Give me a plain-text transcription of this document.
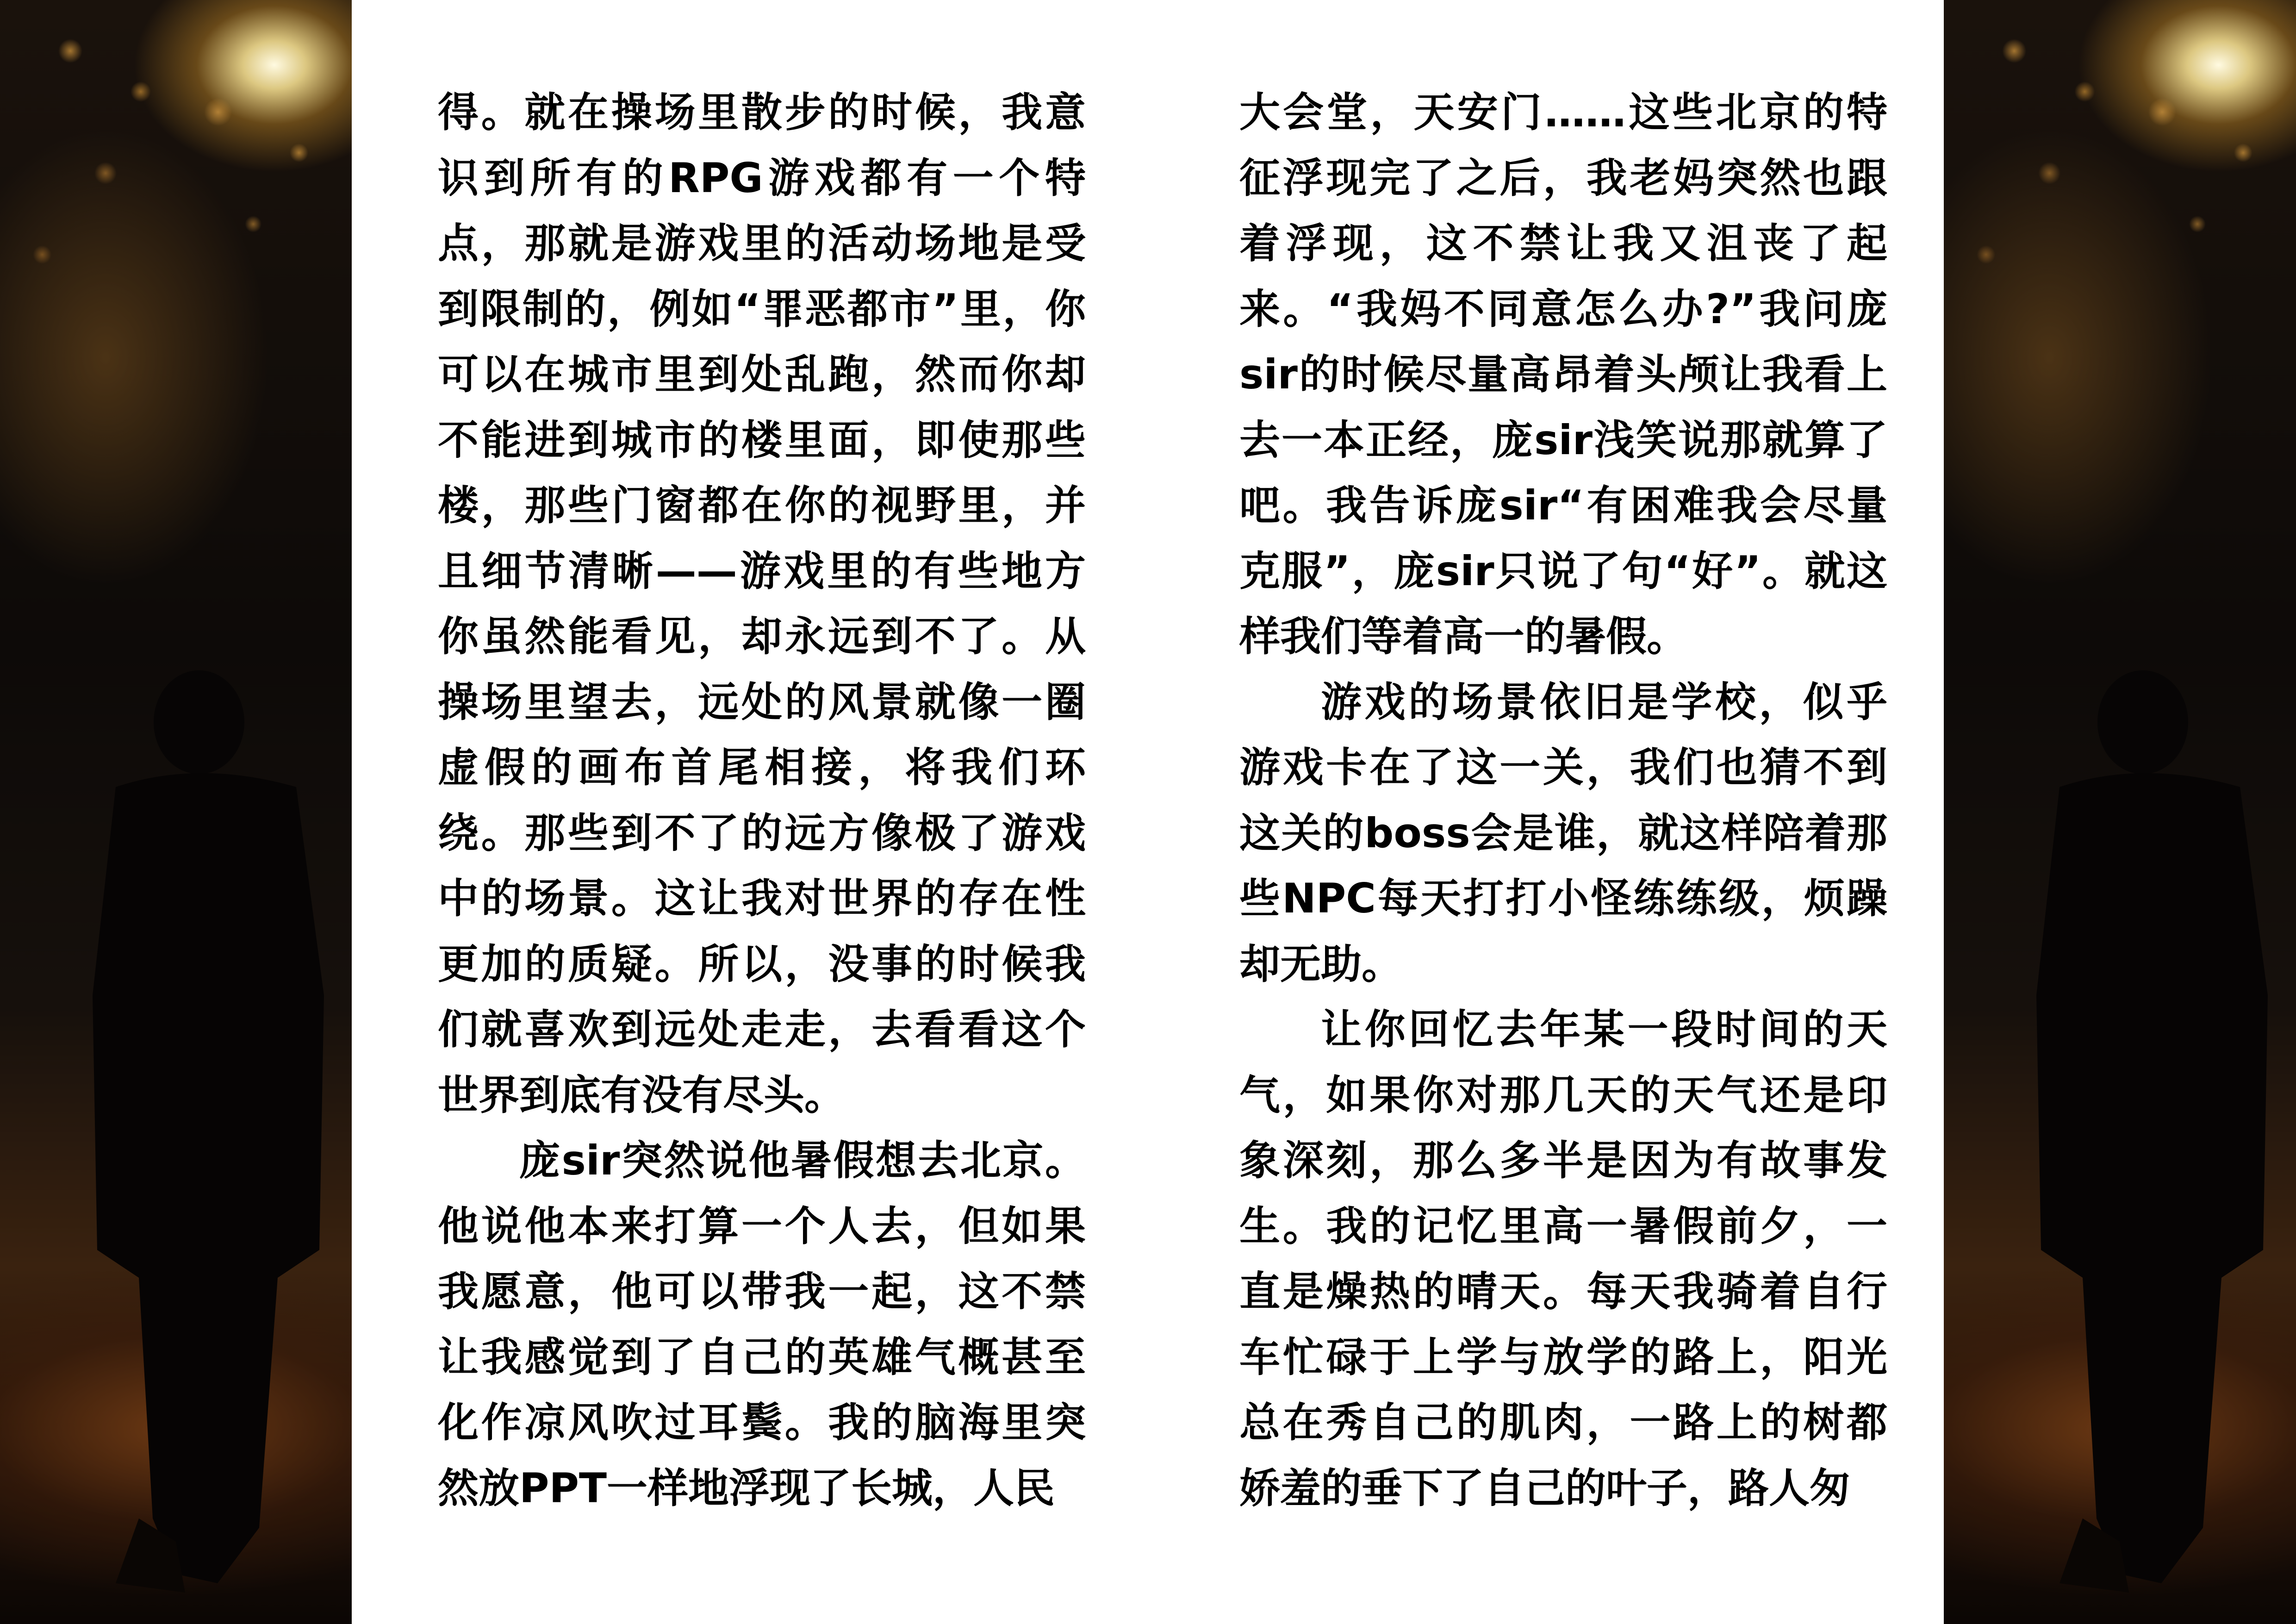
得。就在操场里散步的时候，我意识到所有的RPG游戏都有一个特点，那就是游戏里的活动场地是受到限制的，例如“罪恶都市”里，你可以在城市里到处乱跑，然而你却不能进到城市的楼里面，即使那些楼，那些门窗都在你的视野里，并且细节清晰——游戏里的有些地方你虽然能看见，却永远到不了。从操场里望去，远处的风景就像一圈虚假的画布首尾相接，将我们环绕。那些到不了的远方像极了游戏中的场景。这让我对世界的存在性更加的质疑。所以，没事的时候我们就喜欢到远处走走，去看看这个世界到底有没有尽头。

庞sir突然说他暑假想去北京。他说他本来打算一个人去，但如果我愿意，他可以带我一起，这不禁让我感觉到了自己的英雄气概甚至化作凉风吹过耳鬓。我的脑海里突然放PPT一样地浮现了长城，人民

大会堂，天安门……这些北京的特征浮现完了之后，我老妈突然也跟着浮现，这不禁让我又沮丧了起来。“我妈不同意怎么办?”我问庞sir的时候尽量高昂着头颅让我看上去一本正经，庞sir浅笑说那就算了吧。我告诉庞sir“有困难我会尽量克服”，庞sir只说了句“好”。就这样我们等着高一的暑假。

游戏的场景依旧是学校，似乎游戏卡在了这一关，我们也猜不到这关的boss会是谁，就这样陪着那些NPC每天打打小怪练练级，烦躁却无助。

让你回忆去年某一段时间的天气，如果你对那几天的天气还是印象深刻，那么多半是因为有故事发生。我的记忆里高一暑假前夕，一直是燥热的晴天。每天我骑着自行车忙碌于上学与放学的路上，阳光总在秀自己的肌肉，一路上的树都娇羞的垂下了自己的叶子，路人匆
